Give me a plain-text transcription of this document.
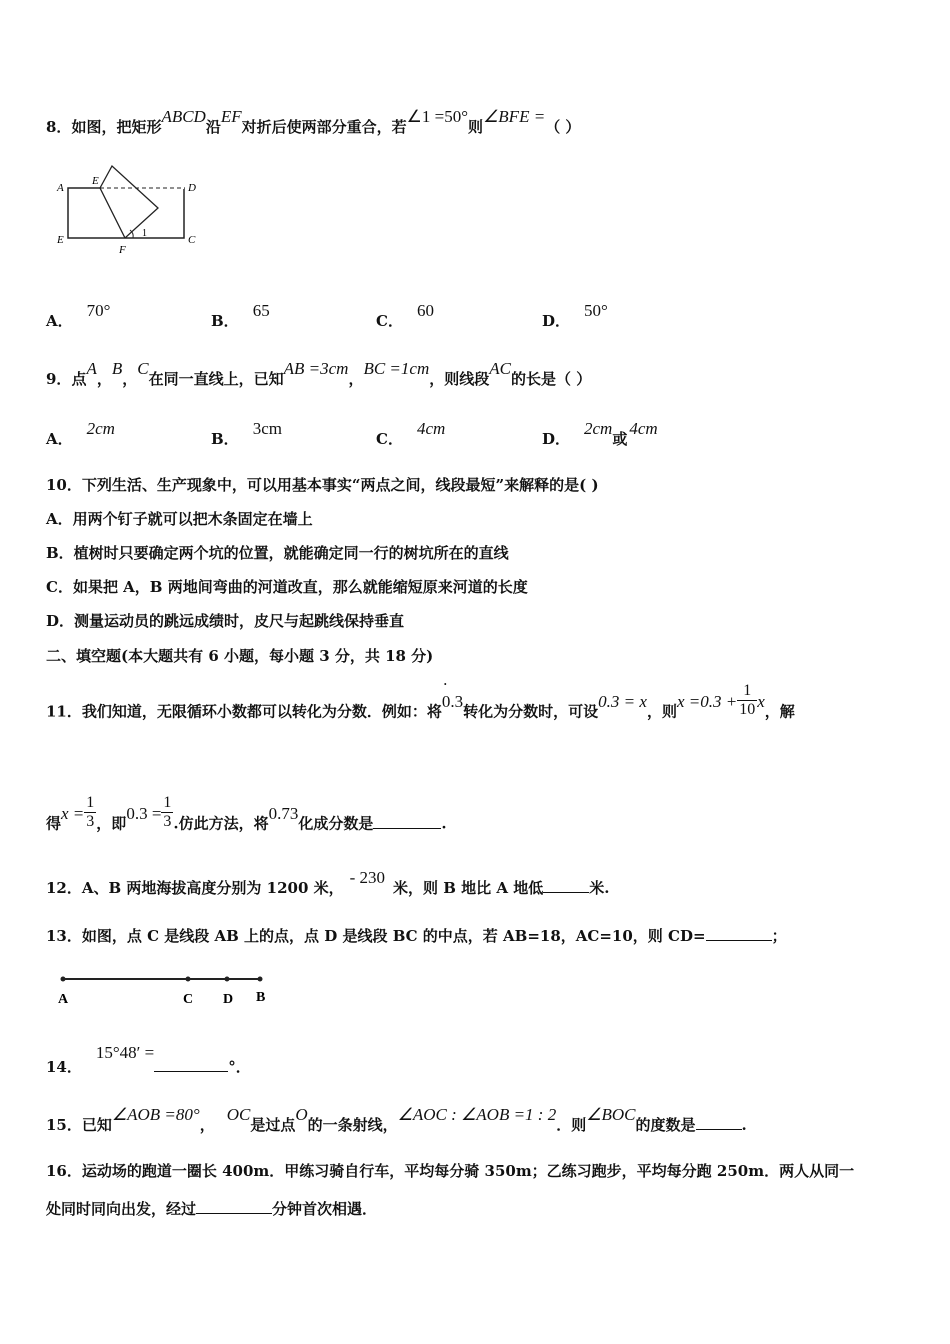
8．如图，把矩形ABCD沿EF对折后使两部分重合，若∠1 =50°则∠BFE =（ ）
A
E
D
E
F
1
C
A．70°
B．65
C．60
D．50°
9．点A，B，C在同一直线上，已知AB =3cm，BC =1cm，则线段AC的长是（ ）
A．2cm
B．3cm
C．4cm
D．2cm或4cm
10．下列生活、生产现象中，可以用基本事实“两点之间，线段最短”来解释的是( )
A．用两个钉子就可以把木条固定在墙上
B．植树时只要确定两个坑的位置，就能确定同一行的树坑所在的直线
C．如果把 A，B 两地间弯曲的河道改直，那么就能缩短原来河道的长度
D．测量运动员的跳远成绩时，皮尺与起跳线保持垂直
二、填空题(本大题共有 6 小题，每小题 3 分，共 18 分)
11．我们知道，无限循环小数都可以转化为分数．例如：将• 0.3转化为分数时，可设0.3 = x，则$x =0.3 + \frac{1}{10}$ x，解
得$x = \frac{1}{3}$ ，即$0.3 = \frac{1}{3}$ .仿此方法，将0.73化成分数是	.
12．A、B 两地海拔高度分别为 1200 米，- 230米，则 B 地比 A 地低	米.
13．如图，点 C 是线段 AB 上的点，点 D 是线段 BC 的中点，若 AB=18，AC=10，则 CD=	；
A	C D B
14．15°48′ =°．
15．已知∠AOB =80°，OC是过点O的一条射线，∠AOC : ∠AOB =1 : 2．则∠BOC的度数是	.
16．运动场的跑道一圈长 400m．甲练习骑自行车，平均每分骑 350m；乙练习跑步，平均每分跑 250m．两人从同一
处同时同向出发，经过	分钟首次相遇．
